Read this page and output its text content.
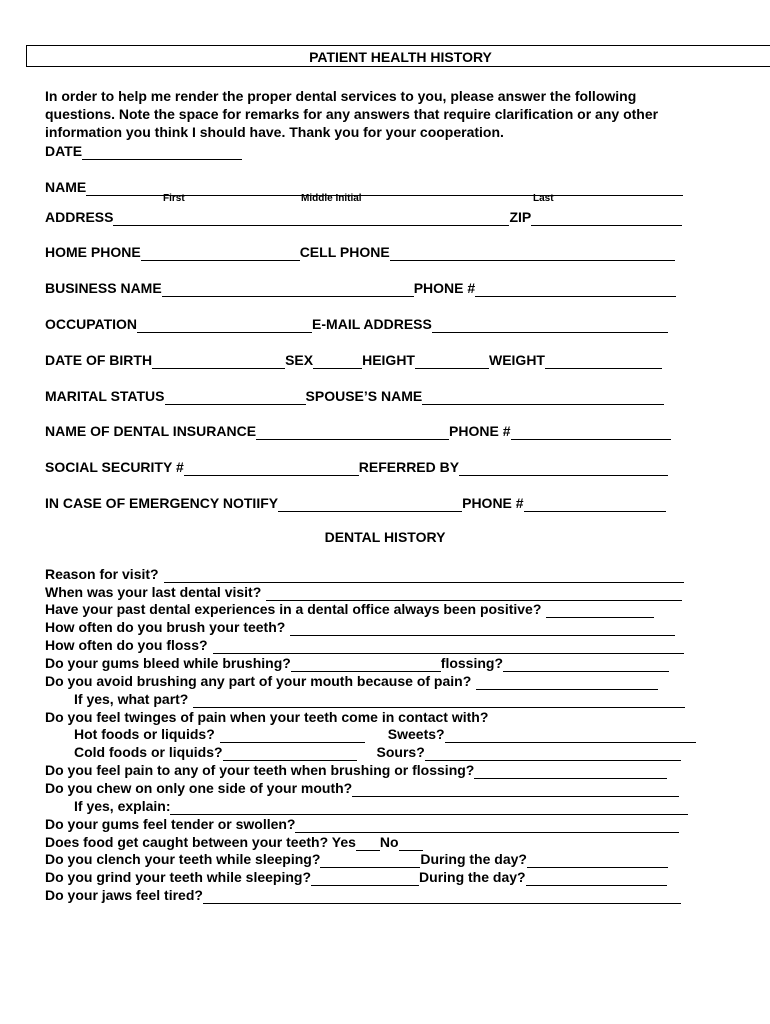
PATIENT HEALTH HISTORY
In order to help me render the proper dental services to you, please answer the following
questions. Note the space for remarks for any answers that require clarification or any other
information you think I should have. Thank you for your cooperation.
DATE
NAME
First	Middle Initial	Last
ADDRESS	ZIP
HOME PHONE	CELL PHONE
BUSINESS NAME	PHONE #
OCCUPATION	E-MAIL ADDRESS
DATE OF BIRTH	SEX	HEIGHT	WEIGHT
MARITAL STATUS	SPOUSE’S NAME
NAME OF DENTAL INSURANCE	PHONE #
SOCIAL SECURITY #	REFERRED BY
IN CASE OF EMERGENCY NOTIIFY	PHONE #
DENTAL HISTORY
Reason for visit?
When was your last dental visit?
Have your past dental experiences in a dental office always been positive?
How often do you brush your teeth?
How often do you floss?
Do your gums bleed while brushing?	flossing?
Do you avoid brushing any part of your mouth because of pain?
If yes, what part?
Do you feel twinges of pain when your teeth come in contact with?
Hot foods or liquids?	Sweets?
Cold foods or liquids?	Sours?
Do you feel pain to any of your teeth when brushing or flossing?
Do you chew on only one side of your mouth?
If yes, explain:
Do your gums feel tender or swollen?
Does food get caught between your teeth? Yes No
Do you clench your teeth while sleeping?	During the day?
Do you grind your teeth while sleeping?	During the day?
Do your jaws feel tired?
